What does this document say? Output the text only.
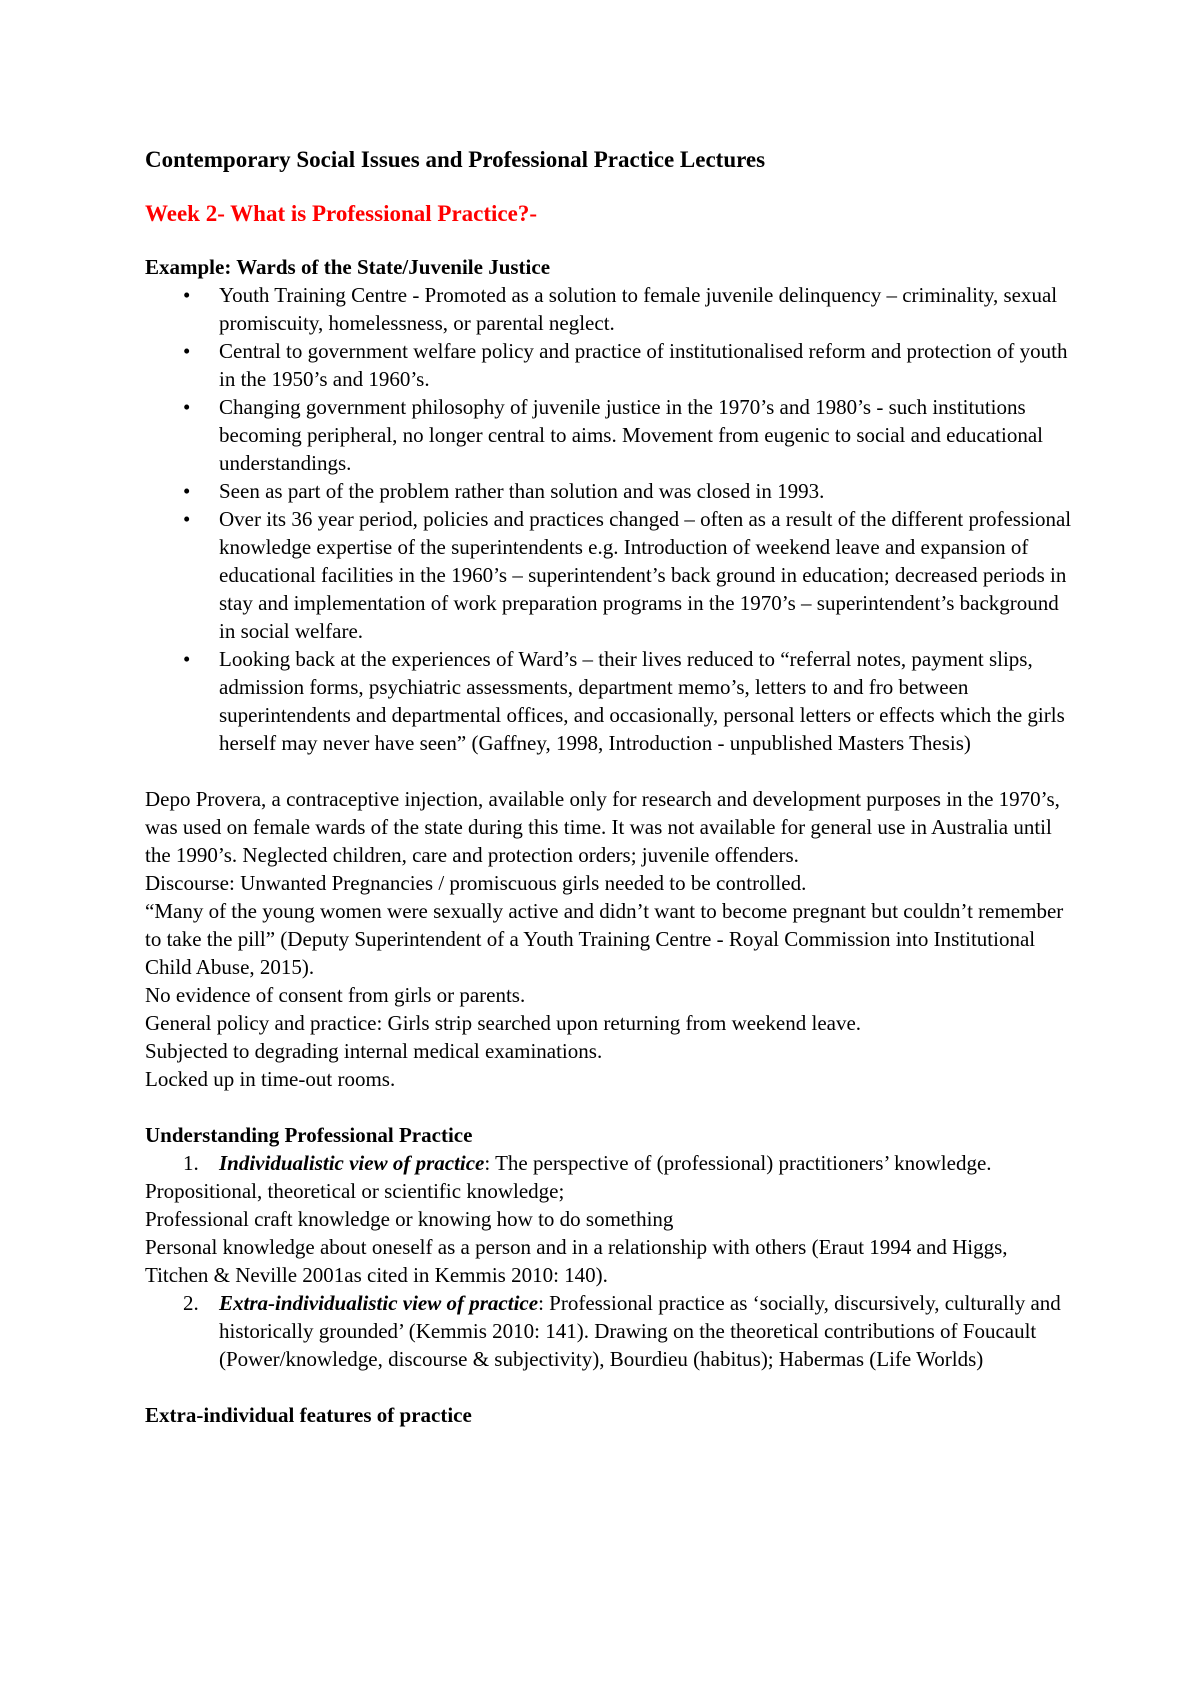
Contemporary Social Issues and Professional Practice Lectures
Week 2- What is Professional Practice?-
Example: Wards of the State/Juvenile Justice
• Youth Training Centre - Promoted as a solution to female juvenile delinquency – criminality, sexual promiscuity, homelessness, or parental neglect.
• Central to government welfare policy and practice of institutionalised reform and protection of youth in the 1950’s and 1960’s.
• Changing government philosophy of juvenile justice in the 1970’s and 1980’s - such institutions becoming peripheral, no longer central to aims. Movement from eugenic to social and educational understandings.
• Seen as part of the problem rather than solution and was closed in 1993.
• Over its 36 year period, policies and practices changed – often as a result of the different professional knowledge expertise of the superintendents e.g. Introduction of weekend leave and expansion of educational facilities in the 1960’s – superintendent’s back ground in education; decreased periods in stay and implementation of work preparation programs in the 1970’s – superintendent’s background in social welfare.
• Looking back at the experiences of Ward’s – their lives reduced to “referral notes, payment slips, admission forms, psychiatric assessments, department memo’s, letters to and fro between superintendents and departmental offices, and occasionally, personal letters or effects which the girls herself may never have seen” (Gaffney, 1998, Introduction - unpublished Masters Thesis)

Depo Provera, a contraceptive injection, available only for research and development purposes in the 1970’s, was used on female wards of the state during this time. It was not available for general use in Australia until the 1990’s. Neglected children, care and protection orders; juvenile offenders.

Discourse: Unwanted Pregnancies / promiscuous girls needed to be controlled.

“Many of the young women were sexually active and didn’t want to become pregnant but couldn’t remember to take the pill” (Deputy Superintendent of a Youth Training Centre - Royal Commission into Institutional Child Abuse, 2015).

No evidence of consent from girls or parents.

General policy and practice: Girls strip searched upon returning from weekend leave.

Subjected to degrading internal medical examinations.

Locked up in time-out rooms.

Understanding Professional Practice
1. Individualistic view of practice: The perspective of (professional) practitioners’ knowledge.

Propositional, theoretical or scientific knowledge;

Professional craft knowledge or knowing how to do something

Personal knowledge about oneself as a person and in a relationship with others (Eraut 1994 and Higgs, Titchen & Neville 2001as cited in Kemmis 2010: 140).

2. Extra-individualistic view of practice: Professional practice as ‘socially, discursively, culturally and historically grounded’ (Kemmis 2010: 141). Drawing on the theoretical contributions of Foucault (Power/knowledge, discourse & subjectivity), Bourdieu (habitus); Habermas (Life Worlds)
Extra-individual features of practice
